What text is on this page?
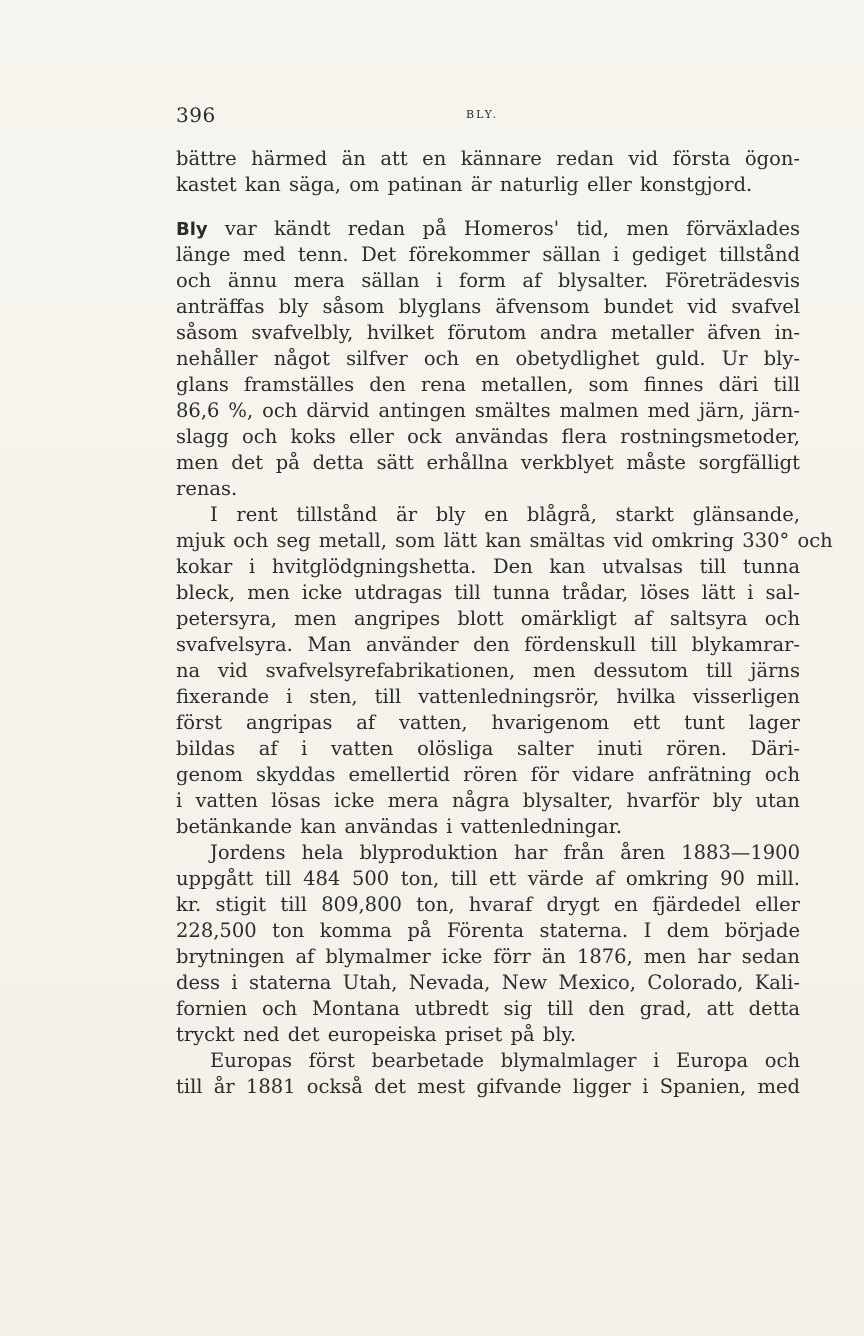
396	BLY.
bättre härmed än att en kännare redan vid första ögon-
kastet kan säga, om patinan är naturlig eller konstgjord.
Bly var kändt redan på Homeros' tid, men förväxlades
länge med tenn. Det förekommer sällan i gediget tillstånd
och ännu mera sällan i form af blysalter. Företrädesvis
anträffas bly såsom blyglans äfvensom bundet vid svafvel
såsom svafvelbly, hvilket förutom andra metaller äfven in-
nehåller något silfver och en obetydlighet guld. Ur bly-
glans framställes den rena metallen, som finnes däri till
86,6 %, och därvid antingen smältes malmen med järn, järn-
slagg och koks eller ock användas flera rostningsmetoder,
men det på detta sätt erhållna verkblyet måste sorgfälligt
renas.
I rent tillstånd är bly en blågrå, starkt glänsande,
mjuk och seg metall, som lätt kan smältas vid omkring 330° och
kokar i hvitglödgningshetta. Den kan utvalsas till tunna
bleck, men icke utdragas till tunna trådar, löses lätt i sal-
petersyra, men angripes blott omärkligt af saltsyra och
svafvelsyra. Man använder den fördenskull till blykamrar-
na vid svafvelsyrefabrikationen, men dessutom till järns
fixerande i sten, till vattenledningsrör, hvilka visserligen
först angripas af vatten, hvarigenom ett tunt lager
bildas af i vatten olösliga salter inuti rören. Däri-
genom skyddas emellertid rören för vidare anfrätning och
i vatten lösas icke mera några blysalter, hvarför bly utan
betänkande kan användas i vattenledningar.
Jordens hela blyproduktion har från åren 1883—1900
uppgått till 484 500 ton, till ett värde af omkring 90 mill.
kr. stigit till 809,800 ton, hvaraf drygt en fjärdedel eller
228,500 ton komma på Förenta staterna. I dem började
brytningen af blymalmer icke förr än 1876, men har sedan
dess i staterna Utah, Nevada, New Mexico, Colorado, Kali-
fornien och Montana utbredt sig till den grad, att detta
tryckt ned det europeiska priset på bly.
Europas först bearbetade blymalmlager i Europa och
till år 1881 också det mest gifvande ligger i Spanien, med
